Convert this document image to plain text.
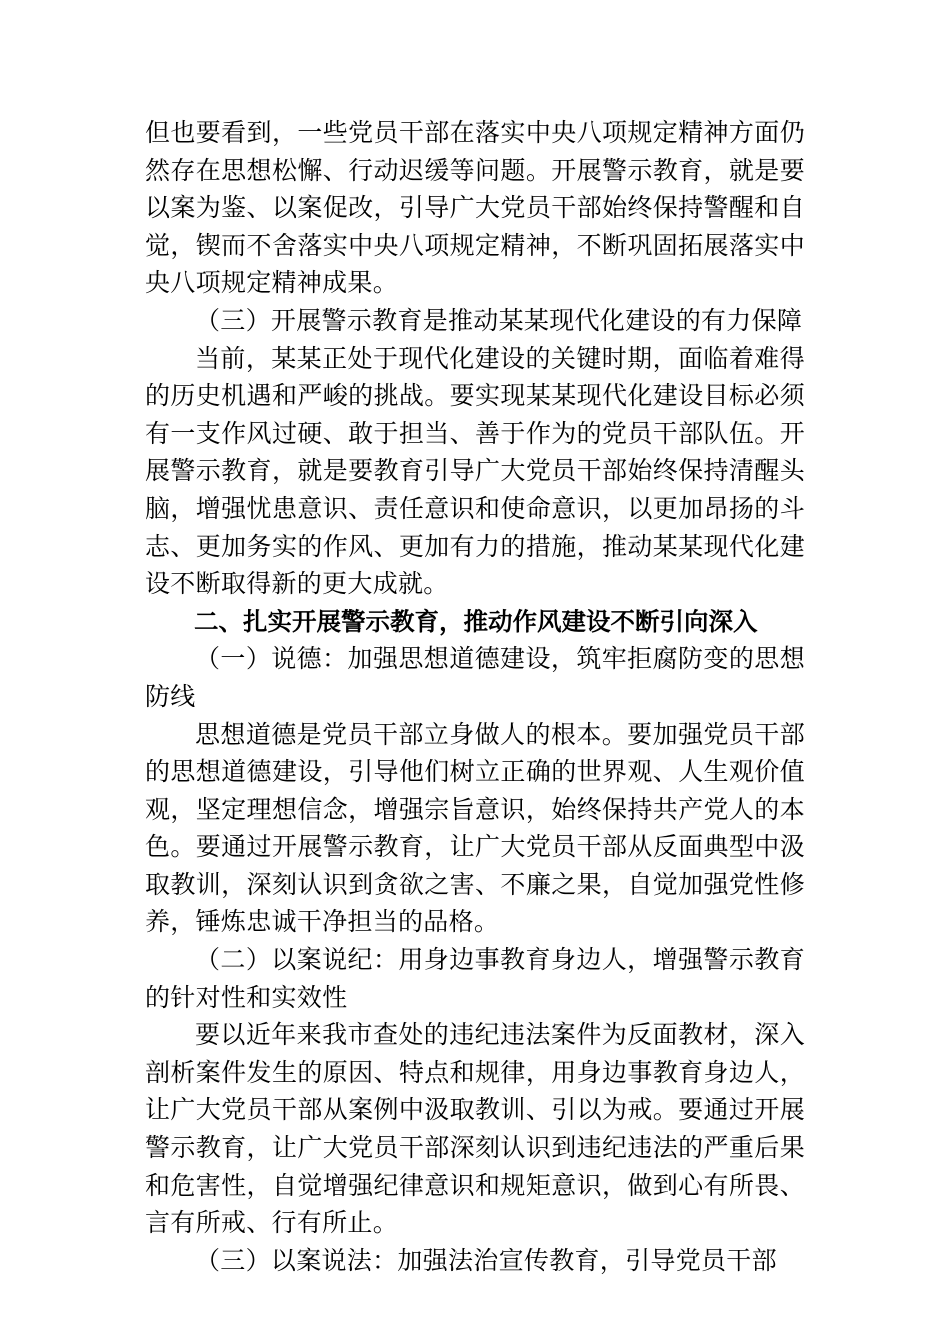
但也要看到，一些党员干部在落实中央八项规定精神方面仍然存在思想松懈、行动迟缓等问题。开展警示教育，就是要以案为鉴、以案促改，引导广大党员干部始终保持警醒和自觉，锲而不舍落实中央八项规定精神，不断巩固拓展落实中央八项规定精神成果。

（三）开展警示教育是推动某某现代化建设的有力保障

当前，某某正处于现代化建设的关键时期，面临着难得的历史机遇和严峻的挑战。要实现某某现代化建设目标必须有一支作风过硬、敢于担当、善于作为的党员干部队伍。开展警示教育，就是要教育引导广大党员干部始终保持清醒头脑，增强忧患意识、责任意识和使命意识，以更加昂扬的斗志、更加务实的作风、更加有力的措施，推动某某现代化建设不断取得新的更大成就。

二、扎实开展警示教育，推动作风建设不断引向深入

（一）说德：加强思想道德建设，筑牢拒腐防变的思想防线

思想道德是党员干部立身做人的根本。要加强党员干部的思想道德建设，引导他们树立正确的世界观、人生观价值观，坚定理想信念，增强宗旨意识，始终保持共产党人的本色。要通过开展警示教育，让广大党员干部从反面典型中汲取教训，深刻认识到贪欲之害、不廉之果，自觉加强党性修养，锤炼忠诚干净担当的品格。

（二）以案说纪：用身边事教育身边人，增强警示教育的针对性和实效性

要以近年来我市查处的违纪违法案件为反面教材，深入剖析案件发生的原因、特点和规律，用身边事教育身边人，让广大党员干部从案例中汲取教训、引以为戒。要通过开展警示教育，让广大党员干部深刻认识到违纪违法的严重后果和危害性，自觉增强纪律意识和规矩意识，做到心有所畏、言有所戒、行有所止。

（三）以案说法：加强法治宣传教育，引导党员干部
